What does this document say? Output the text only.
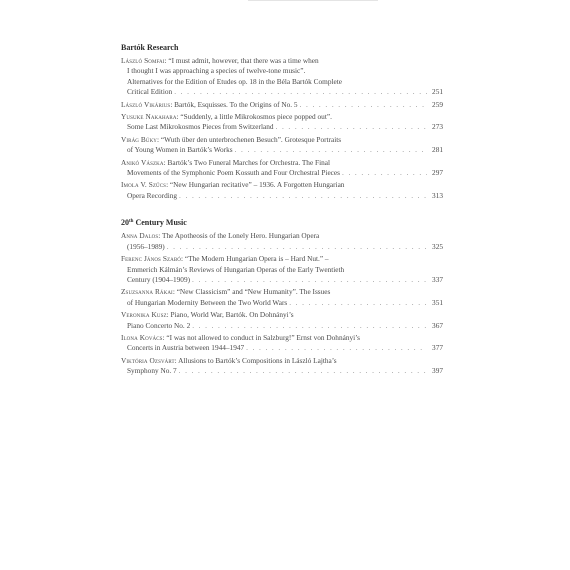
Bartók Research
László Somfai: “I must admit, however, that there was a time when
I thought I was approaching a species of twelve-tone music”.
Alternatives for the Edition of Etudes op. 18 in the Béla Bartók Complete
Critical Edition . . .	251
László Vikárius: Bartók, Esquisses. To the Origins of No. 5 . . .	259
Yusuke Nakahara: “Suddenly, a little Mikrokosmos piece popped out”.
Some Last Mikrokosmos Pieces from Switzerland . . .	273
Virág Büky: “Wuth über den unterbrochenen Besuch”. Grotesque Portraits
of Young Women in Bartók’s Works . . .	281
Anikó Vászka: Bartók’s Two Funeral Marches for Orchestra. The Final
Movements of the Symphonic Poem Kossuth and Four Orchestral Pieces . . .	297
Imola V. Szűcs: “New Hungarian recitative” – 1936. A Forgotten Hungarian
Opera Recording . . .	313
20th Century Music
Anna Dalos: The Apotheosis of the Lonely Hero. Hungarian Opera
(1956–1989) . . .	325
Ferenc János Szabó: “The Modern Hungarian Opera is – Hard Nut.” –
Emmerich Kálmán’s Reviews of Hungarian Operas of the Early Twentieth
Century (1904–1909) . . .	337
Zsuzsanna Rákai: “New Classicism” and “New Humanity”. The Issues
of Hungarian Modernity Between the Two World Wars . . .	351
Veronika Kusz: Piano, World War, Bartók. On Dohnányi’s
Piano Concerto No. 2 . . .	367
Ilona Kovács: “I was not allowed to conduct in Salzburg!” Ernst von Dohnányi’s
Concerts in Austria between 1944–1947 . . .	377
Viktória Ozsvárt: Allusions to Bartók’s Compositions in László Lajtha’s
Symphony No. 7 . . .	397
